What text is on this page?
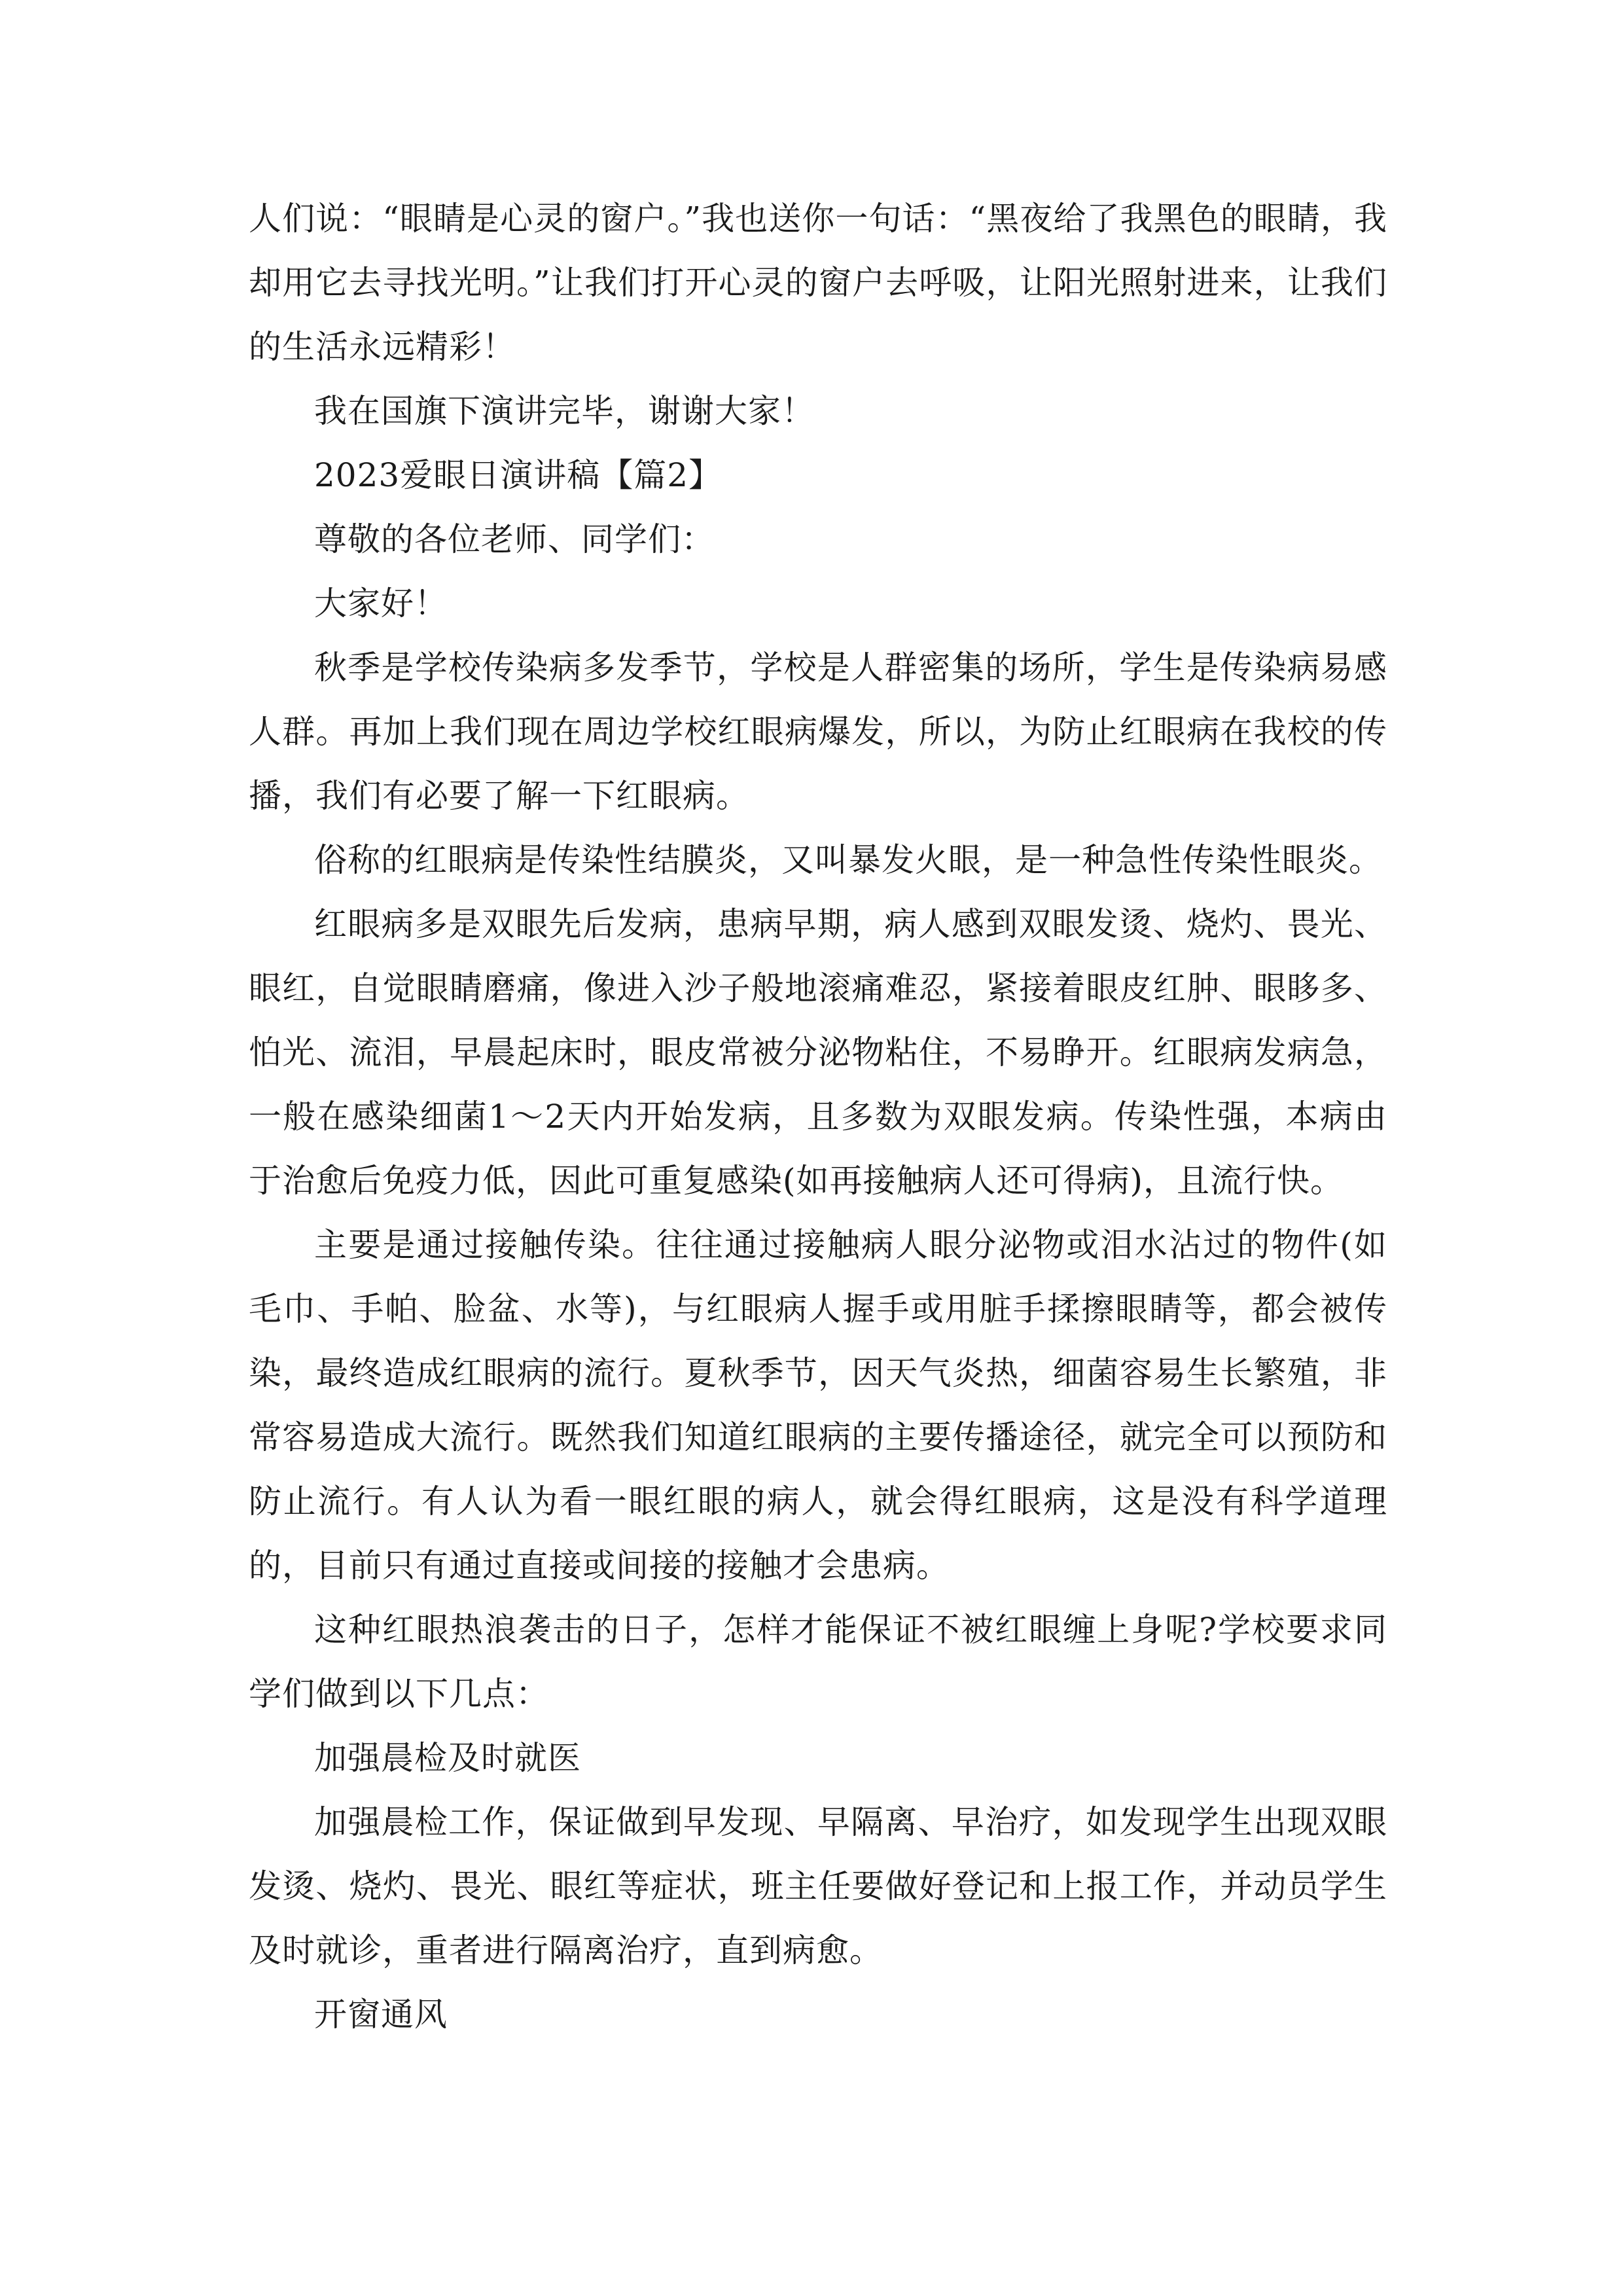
人们说：“眼睛是心灵的窗户。”我也送你一句话：“黑夜给了我黑色的眼睛，我却用它去寻找光明。”让我们打开心灵的窗户去呼吸，让阳光照射进来，让我们的生活永远精彩！

我在国旗下演讲完毕，谢谢大家！

2023爱眼日演讲稿【篇2】

尊敬的各位老师、同学们：

大家好！

秋季是学校传染病多发季节，学校是人群密集的场所，学生是传染病易感人群。再加上我们现在周边学校红眼病爆发，所以，为防止红眼病在我校的传播，我们有必要了解一下红眼病。

俗称的红眼病是传染性结膜炎，又叫暴发火眼，是一种急性传染性眼炎。

红眼病多是双眼先后发病，患病早期，病人感到双眼发烫、烧灼、畏光、眼红，自觉眼睛磨痛，像进入沙子般地滚痛难忍，紧接着眼皮红肿、眼眵多、怕光、流泪，早晨起床时，眼皮常被分泌物粘住，不易睁开。红眼病发病急，一般在感染细菌1～2天内开始发病，且多数为双眼发病。传染性强，本病由于治愈后免疫力低，因此可重复感染(如再接触病人还可得病)，且流行快。

主要是通过接触传染。往往通过接触病人眼分泌物或泪水沾过的物件(如毛巾、手帕、脸盆、水等)，与红眼病人握手或用脏手揉擦眼睛等，都会被传染，最终造成红眼病的流行。夏秋季节，因天气炎热，细菌容易生长繁殖，非常容易造成大流行。既然我们知道红眼病的主要传播途径，就完全可以预防和防止流行。有人认为看一眼红眼的病人，就会得红眼病，这是没有科学道理的，目前只有通过直接或间接的接触才会患病。

这种红眼热浪袭击的日子，怎样才能保证不被红眼缠上身呢?学校要求同学们做到以下几点：

加强晨检及时就医

加强晨检工作，保证做到早发现、早隔离、早治疗，如发现学生出现双眼发烫、烧灼、畏光、眼红等症状，班主任要做好登记和上报工作，并动员学生及时就诊，重者进行隔离治疗，直到病愈。

开窗通风
